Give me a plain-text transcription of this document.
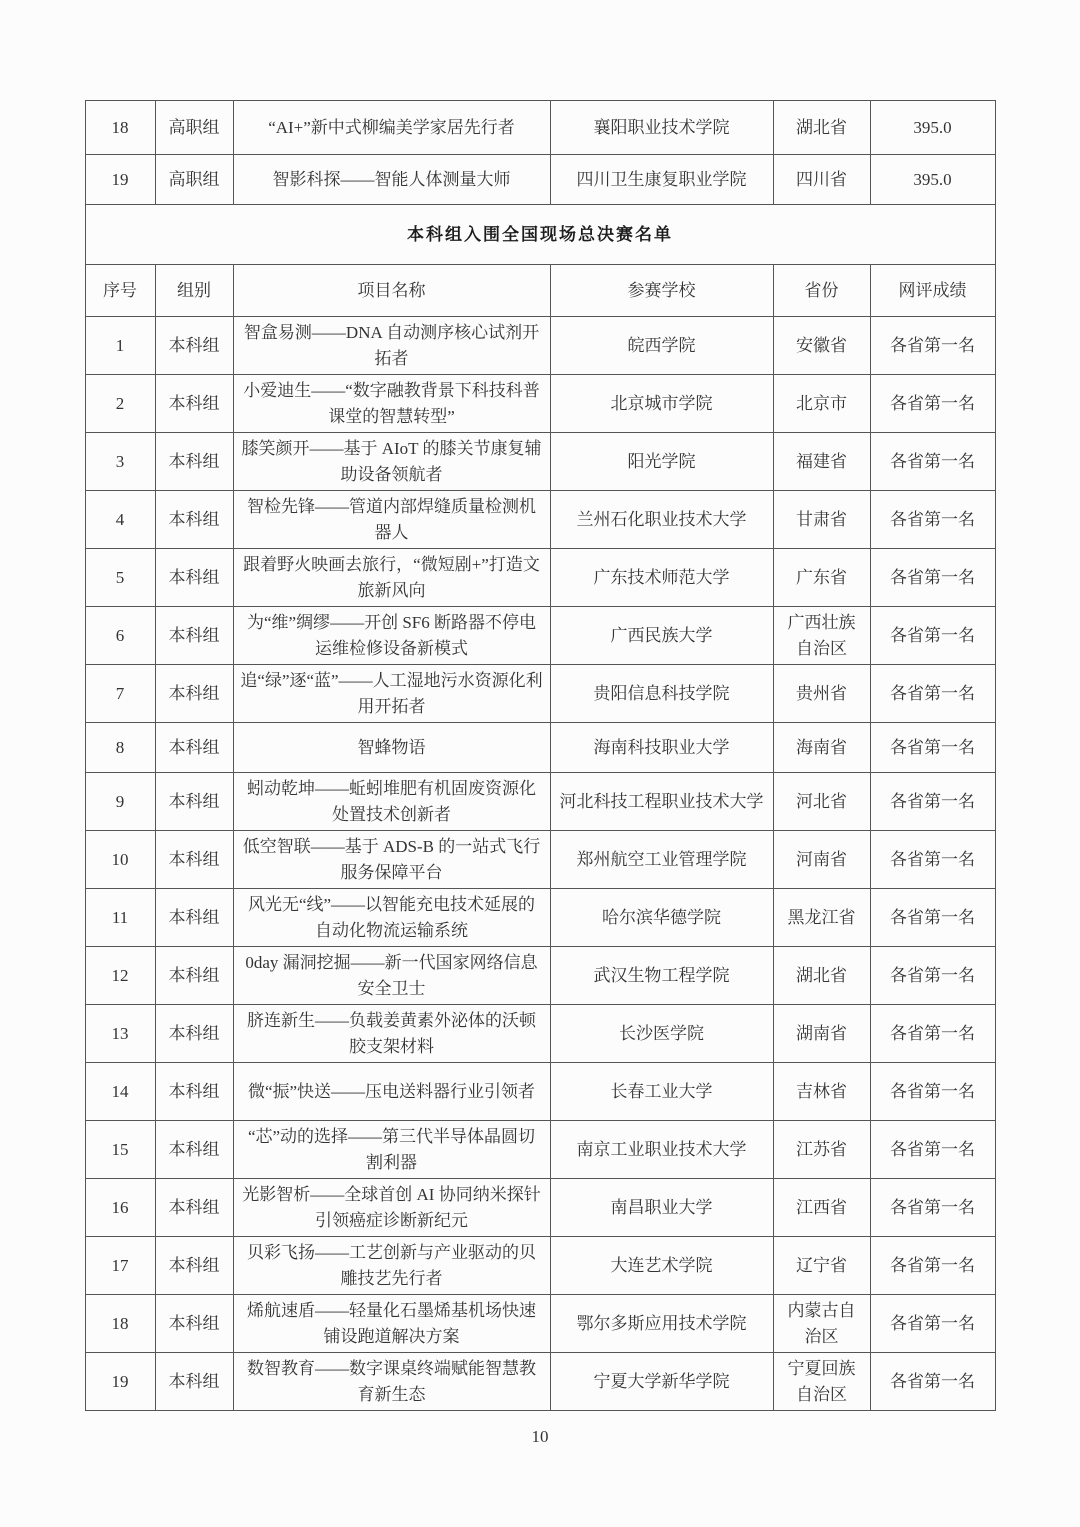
18	高职组	“AI+”新中式柳编美学家居先行者	襄阳职业技术学院	湖北省	395.0
19	高职组	智影科探——智能人体测量大师	四川卫生康复职业学院	四川省	395.0
本科组入围全国现场总决赛名单					
序号	组别	项目名称	参赛学校	省份	网评成绩
1	本科组	智盒易测——DNA 自动测序核心试剂开拓者	皖西学院	安徽省	各省第一名
2	本科组	小爱迪生——“数字融教背景下科技科普课堂的智慧转型”	北京城市学院	北京市	各省第一名
3	本科组	膝笑颜开——基于 AIoT 的膝关节康复辅助设备领航者	阳光学院	福建省	各省第一名
4	本科组	智检先锋——管道内部焊缝质量检测机器人	兰州石化职业技术大学	甘肃省	各省第一名
5	本科组	跟着野火映画去旅行，“微短剧+”打造文旅新风向	广东技术师范大学	广东省	各省第一名
6	本科组	为“维”绸缪——开创 SF6 断路器不停电运维检修设备新模式	广西民族大学	广西壮族自治区	各省第一名
7	本科组	追“绿”逐“蓝”——人工湿地污水资源化利用开拓者	贵阳信息科技学院	贵州省	各省第一名
8	本科组	智蜂物语	海南科技职业大学	海南省	各省第一名
9	本科组	蚓动乾坤——蚯蚓堆肥有机固废资源化处置技术创新者	河北科技工程职业技术大学	河北省	各省第一名
10	本科组	低空智联——基于 ADS-B 的一站式飞行服务保障平台	郑州航空工业管理学院	河南省	各省第一名
11	本科组	风光无“线”——以智能充电技术延展的自动化物流运输系统	哈尔滨华德学院	黑龙江省	各省第一名
12	本科组	0day 漏洞挖掘——新一代国家网络信息安全卫士	武汉生物工程学院	湖北省	各省第一名
13	本科组	脐连新生——负载姜黄素外泌体的沃顿胶支架材料	长沙医学院	湖南省	各省第一名
14	本科组	微“振”快送——压电送料器行业引领者	长春工业大学	吉林省	各省第一名
15	本科组	“芯”动的选择——第三代半导体晶圆切割利器	南京工业职业技术大学	江苏省	各省第一名
16	本科组	光影智析——全球首创 AI 协同纳米探针引领癌症诊断新纪元	南昌职业大学	江西省	各省第一名
17	本科组	贝彩飞扬——工艺创新与产业驱动的贝雕技艺先行者	大连艺术学院	辽宁省	各省第一名
18	本科组	烯航速盾——轻量化石墨烯基机场快速铺设跑道解决方案	鄂尔多斯应用技术学院	内蒙古自治区	各省第一名
19	本科组	数智教育——数字课桌终端赋能智慧教育新生态	宁夏大学新华学院	宁夏回族自治区	各省第一名
10
